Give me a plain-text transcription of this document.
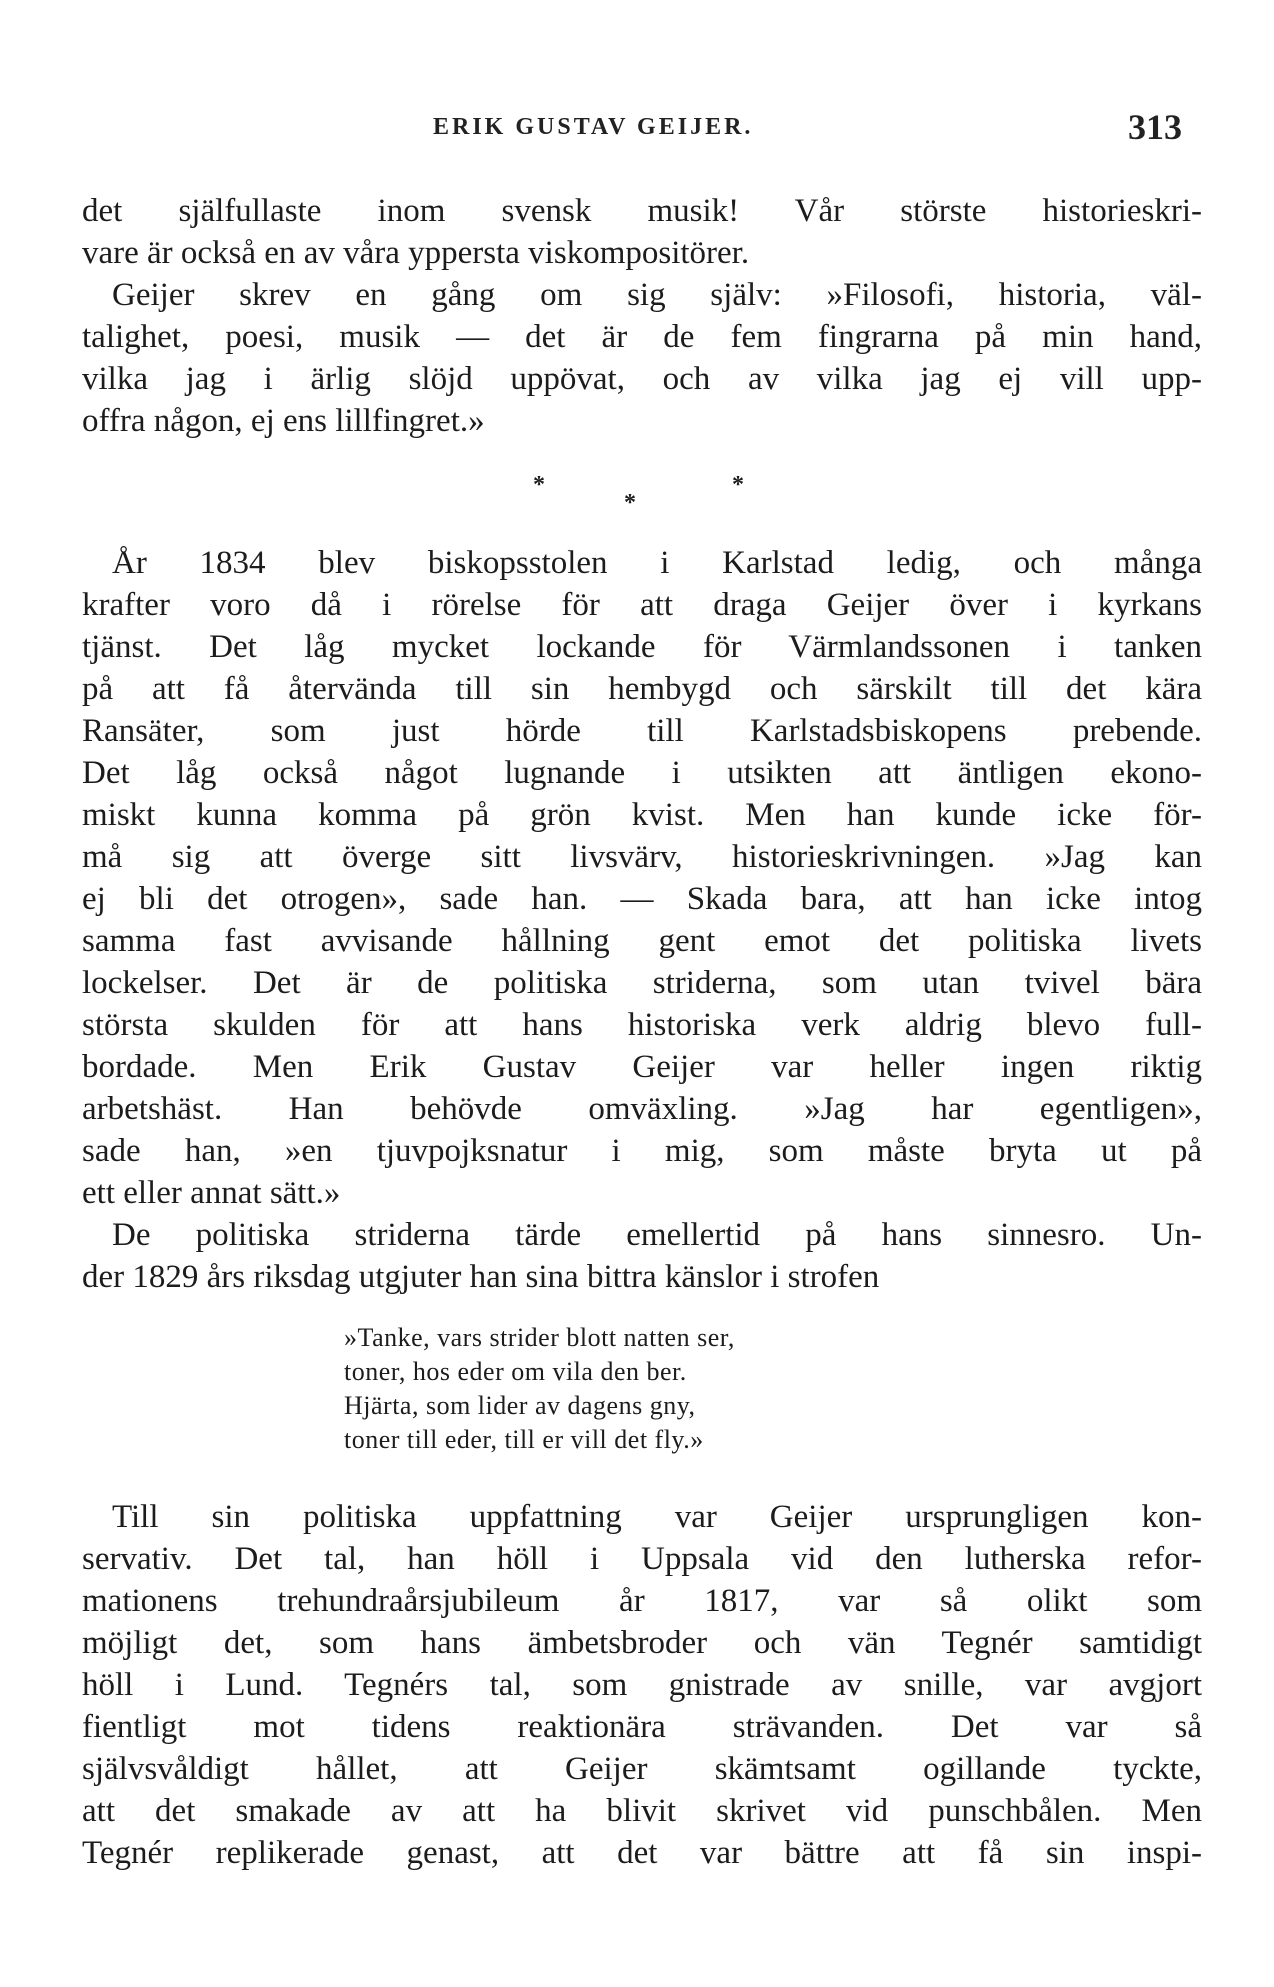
ERIK GUSTAV GEIJER.	313
det själfullaste inom svensk musik! Vår störste historieskri-
vare är också en av våra yppersta viskompositörer.
Geijer skrev en gång om sig själv: »Filosofi, historia, väl-
talighet, poesi, musik — det är de fem fingrarna på min hand,
vilka jag i ärlig slöjd uppövat, och av vilka jag ej vill upp-
offra någon, ej ens lillfingret.»
*
*
*
År 1834 blev biskopsstolen i Karlstad ledig, och många
krafter voro då i rörelse för att draga Geijer över i kyrkans
tjänst. Det låg mycket lockande för Värmlandssonen i tanken
på att få återvända till sin hembygd och särskilt till det kära
Ransäter, som just hörde till Karlstadsbiskopens prebende.
Det låg också något lugnande i utsikten att äntligen ekono-
miskt kunna komma på grön kvist. Men han kunde icke för-
må sig att överge sitt livsvärv, historieskrivningen. »Jag kan
ej bli det otrogen», sade han. — Skada bara, att han icke intog
samma fast avvisande hållning gent emot det politiska livets
lockelser. Det är de politiska striderna, som utan tvivel bära
största skulden för att hans historiska verk aldrig blevo full-
bordade. Men Erik Gustav Geijer var heller ingen riktig
arbetshäst. Han behövde omväxling. »Jag har egentligen»,
sade han, »en tjuvpojksnatur i mig, som måste bryta ut på
ett eller annat sätt.»
De politiska striderna tärde emellertid på hans sinnesro. Un-
der 1829 års riksdag utgjuter han sina bittra känslor i strofen
»Tanke, vars strider blott natten ser,
toner, hos eder om vila den ber.
Hjärta, som lider av dagens gny,
toner till eder, till er vill det fly.»
Till sin politiska uppfattning var Geijer ursprungligen kon-
servativ. Det tal, han höll i Uppsala vid den lutherska refor-
mationens trehundraårsjubileum år 1817, var så olikt som
möjligt det, som hans ämbetsbroder och vän Tegnér samtidigt
höll i Lund. Tegnérs tal, som gnistrade av snille, var avgjort
fientligt mot tidens reaktionära strävanden. Det var så
självsvåldigt hållet, att Geijer skämtsamt ogillande tyckte,
att det smakade av att ha blivit skrivet vid punschbålen. Men
Tegnér replikerade genast, att det var bättre att få sin inspi-
